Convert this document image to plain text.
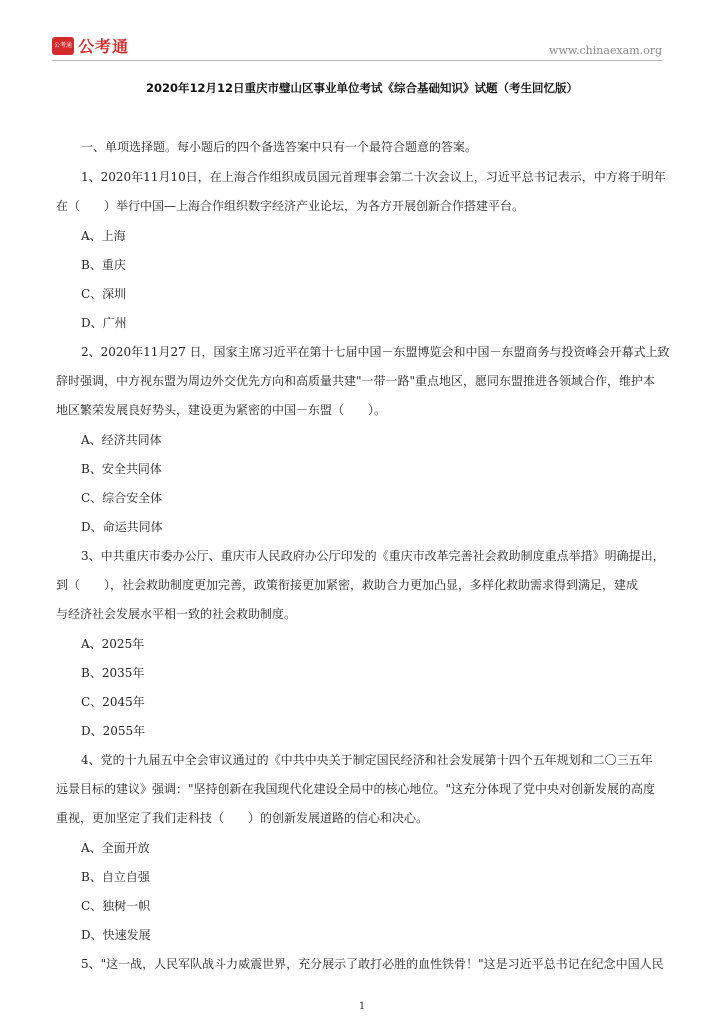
公考通 公考通	www.chinaexam.org
2020年12月12日重庆市璧山区事业单位考试《综合基础知识》试题（考生回忆版）

一、单项选择题。每小题后的四个备选答案中只有一个最符合题意的答案。

1、2020年11月10日，在上海合作组织成员国元首理事会第二十次会议上，习近平总书记表示，中方将于明年

在（　　）举行中国—上海合作组织数字经济产业论坛，为各方开展创新合作搭建平台。

A、上海

B、重庆

C、深圳

D、广州

2、2020年11月27 日，国家主席习近平在第十七届中国－东盟博览会和中国－东盟商务与投资峰会开幕式上致

辞时强调，中方视东盟为周边外交优先方向和高质量共建"一带一路"重点地区，愿同东盟推进各领域合作，维护本

地区繁荣发展良好势头，建设更为紧密的中国－东盟（　　）。

A、经济共同体

B、安全共同体

C、综合安全体

D、命运共同体

3、中共重庆市委办公厅、重庆市人民政府办公厅印发的《重庆市改革完善社会救助制度重点举措》明确提出，

到（　　），社会救助制度更加完善，政策衔接更加紧密，救助合力更加凸显，多样化救助需求得到满足，建成

与经济社会发展水平相一致的社会救助制度。

A、2025年

B、2035年

C、2045年

D、2055年

4、党的十九届五中全会审议通过的《中共中央关于制定国民经济和社会发展第十四个五年规划和二〇三五年

远景目标的建议》强调："坚持创新在我国现代化建设全局中的核心地位。"这充分体现了党中央对创新发展的高度

重视，更加坚定了我们走科技（　　）的创新发展道路的信心和决心。

A、全面开放

B、自立自强

C、独树一帜

D、快速发展

5、"这一战，人民军队战斗力威震世界，充分展示了敢打必胜的血性铁骨！"这是习近平总书记在纪念中国人民

1
